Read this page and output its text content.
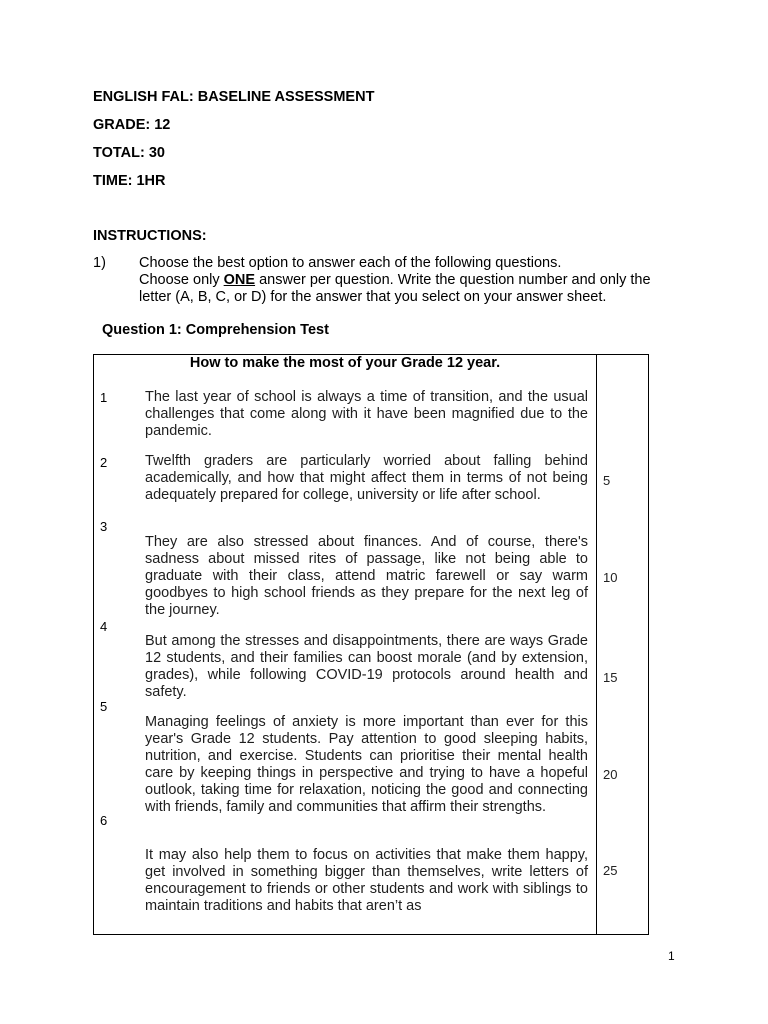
ENGLISH FAL: BASELINE ASSESSMENT
GRADE: 12
TOTAL: 30
TIME: 1HR
INSTRUCTIONS:
1) Choose the best option to answer each of the following questions.
Choose only ONE answer per question. Write the question number and only the letter (A, B, C, or D) for the answer that you select on your answer sheet.
Question 1: Comprehension Test
How to make the most of your Grade 12 year.
1	The last year of school is always a time of transition, and the usual challenges that come along with it have been magnified due to the pandemic.
2	Twelfth graders are particularly worried about falling behind academically, and how that might affect them in terms of not being adequately prepared for college, university or life after school.
3
They are also stressed about finances. And of course, there's sadness about missed rites of passage, like not being able to graduate with their class, attend matric farewell or say warm goodbyes to high school friends as they prepare for the next leg of the journey.
4
But among the stresses and disappointments, there are ways Grade 12 students, and their families can boost morale (and by extension, grades), while following COVID-19 protocols around health and safety.
5
Managing feelings of anxiety is more important than ever for this year's Grade 12 students. Pay attention to good sleeping habits, nutrition, and exercise. Students can prioritise their mental health care by keeping things in perspective and trying to have a hopeful outlook, taking time for relaxation, noticing the good and connecting with friends, family and communities that affirm their strengths.
6
It may also help them to focus on activities that make them happy, get involved in something bigger than themselves, write letters of encouragement to friends or other students and work with siblings to maintain traditions and habits that aren’t as
5
10
15
20
25
1
